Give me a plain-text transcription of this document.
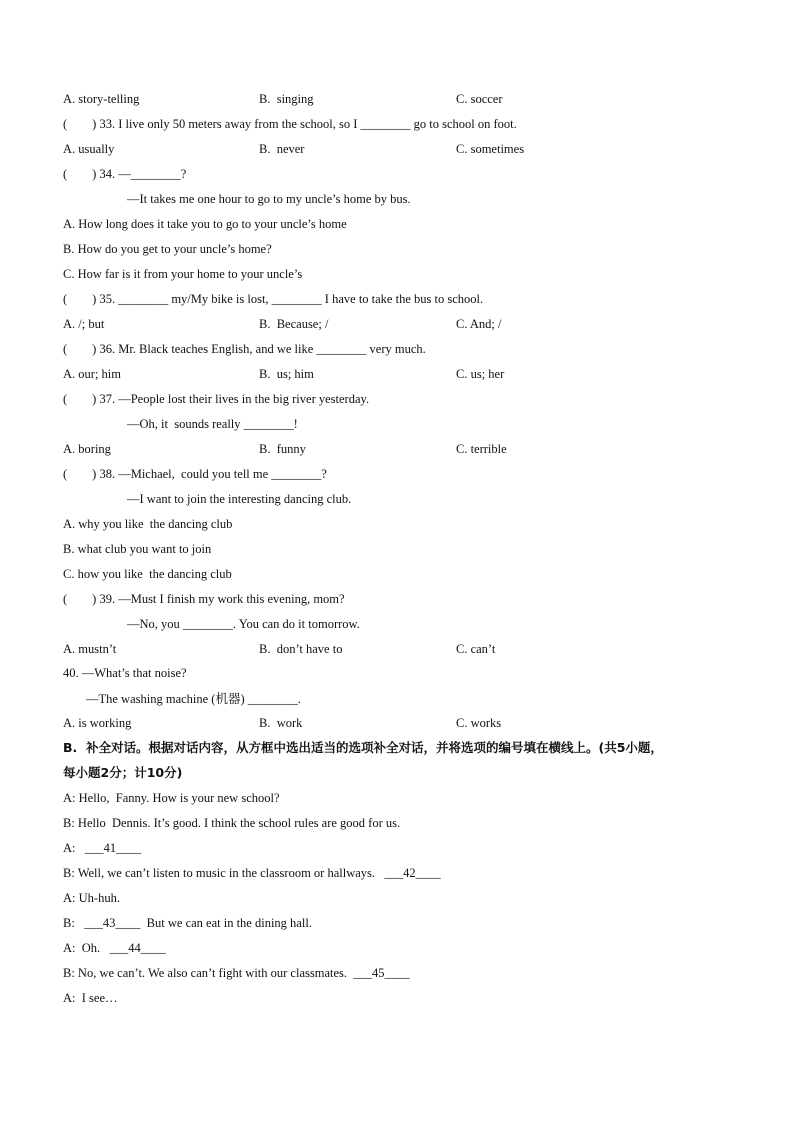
A. story-telling	B.  singing	C. soccer
(        ) 33. I live only 50 meters away from the school, so I ________ go to school on foot.
A. usually	B.  never	C. sometimes
(        ) 34. —________?
—It takes me one hour to go to my uncle’s home by bus.
A. How long does it take you to go to your uncle’s home
B. How do you get to your uncle’s home?
C. How far is it from your home to your uncle’s
(        ) 35. ________ my/My bike is lost, ________ I have to take the bus to school.
A. /; but	B.  Because; /	C. And; /
(        ) 36. Mr. Black teaches English, and we like ________ very much.
A. our; him	B.  us; him	C. us; her
(        ) 37. —People lost their lives in the big river yesterday.
—Oh, it  sounds really ________!
A. boring	B.  funny	C. terrible
(        ) 38. —Michael,  could you tell me ________?
—I want to join the interesting dancing club.
A. why you like  the dancing club
B. what club you want to join
C. how you like  the dancing club
(        ) 39. —Must I finish my work this evening, mom?
—No, you ________. You can do it tomorrow.
A. mustn’t	B.  don’t have to	C. can’t
40. —What’s that noise?
—The washing machine (机器) ________.
A. is working	B.  work	C. works
B.  补全对话。根据对话内容，从方框中选出适当的选项补全对话，并将选项的编号填在横线上。(共5小题，
每小题2分；计10分)
A: Hello,  Fanny. How is your new school?
B: Hello  Dennis. It’s good. I think the school rules are good for us.
A:   ___41____
B: Well, we can’t listen to music in the classroom or hallways.   ___42____
A: Uh-huh.
B:   ___43____  But we can eat in the dining hall.
A:  Oh.   ___44____
B: No, we can’t. We also can’t fight with our classmates.  ___45____
A:  I see…
